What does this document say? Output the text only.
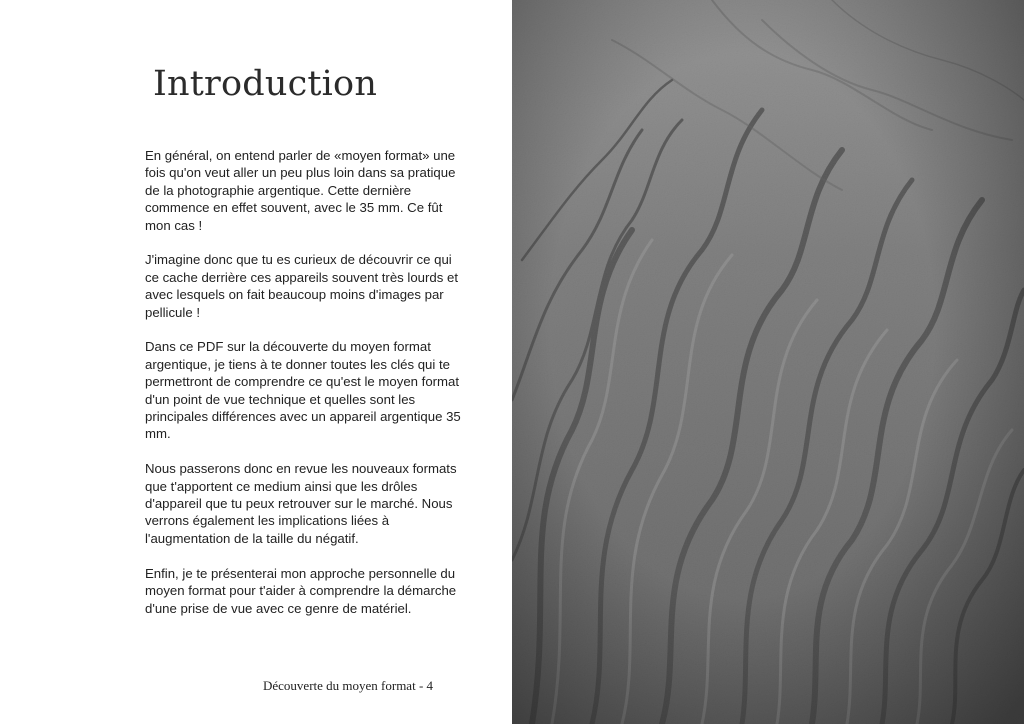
Introduction

En général, on entend parler de «moyen format» une fois qu'on veut aller un peu plus loin dans sa pratique de la photographie argentique. Cette dernière commence en effet souvent, avec le 35 mm. Ce fût mon cas !

J'imagine donc que tu es curieux de découvrir ce qui ce cache derrière ces appareils souvent très lourds et avec lesquels on fait beaucoup moins d'images par pellicule !

Dans ce PDF sur la découverte du moyen format argentique, je tiens à te donner toutes les clés qui te permettront de comprendre ce qu'est le moyen format d'un point de vue technique et quelles sont les principales différences avec un appareil argentique 35 mm.

Nous passerons donc en revue les nouveaux formats que t'apportent ce medium ainsi que les drôles d'appareil que tu peux retrouver sur le marché. Nous verrons également les implications liées à l'augmentation de la taille du négatif.

Enfin, je te présenterai mon approche personnelle du moyen format pour t'aider à comprendre la démarche d'une prise de vue avec ce genre de matériel.

Découverte du moyen format - 4
